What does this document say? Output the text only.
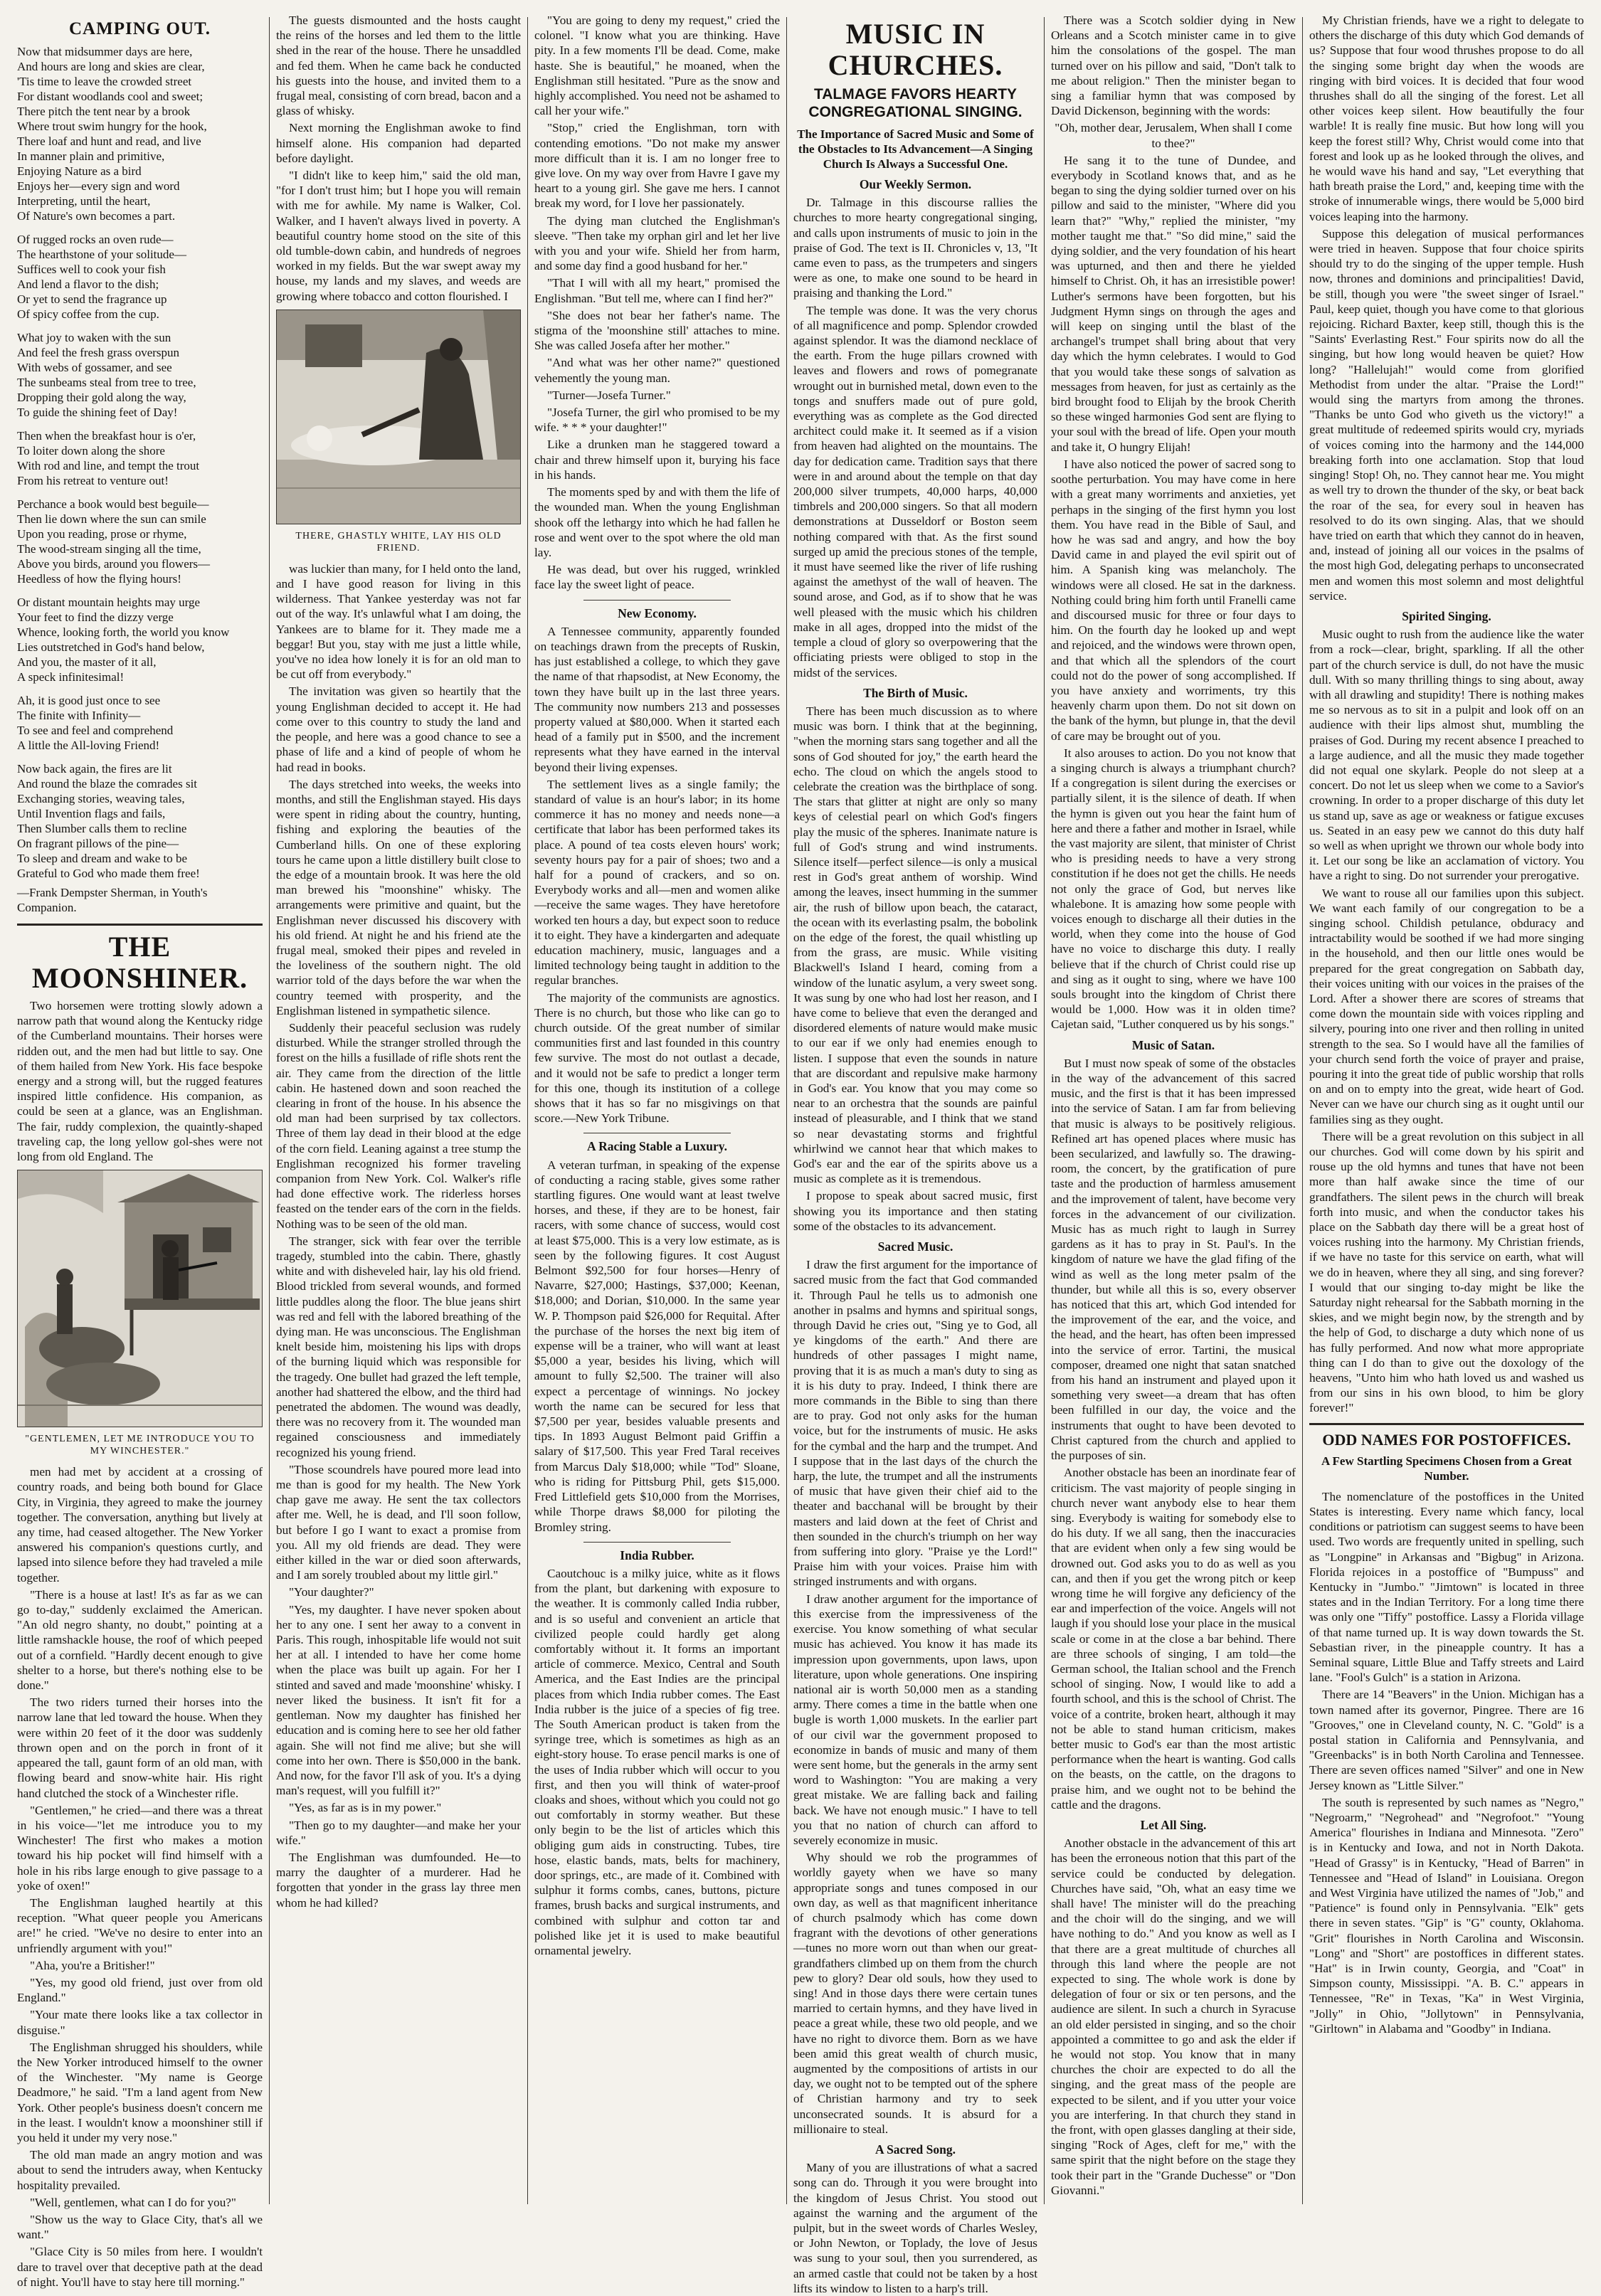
CAMPING OUT.

Now that midsummer days are here,
And hours are long and skies are clear,
'Tis time to leave the crowded street
For distant woodlands cool and sweet;
There pitch the tent near by a brook
Where trout swim hungry for the hook,
There loaf and hunt and read, and live
In manner plain and primitive,
Enjoying Nature as a bird
Enjoys her—every sign and word
Interpreting, until the heart,
Of Nature's own becomes a part.

Of rugged rocks an oven rude—
The hearthstone of your solitude—
Suffices well to cook your fish
And lend a flavor to the dish;
Or yet to send the fragrance up
Of spicy coffee from the cup.

What joy to waken with the sun
And feel the fresh grass overspun
With webs of gossamer, and see
The sunbeams steal from tree to tree,
Dropping their gold along the way,
To guide the shining feet of Day!

Then when the breakfast hour is o'er,
To loiter down along the shore
With rod and line, and tempt the trout
From his retreat to venture out!

Perchance a book would best beguile—
Then lie down where the sun can smile
Upon you reading, prose or rhyme,
The wood-stream singing all the time,
Above you birds, around you flowers—
Heedless of how the flying hours!

Or distant mountain heights may urge
Your feet to find the dizzy verge
Whence, looking forth, the world you know
Lies outstretched in God's hand below,
And you, the master of it all,
A speck infinitesimal!

Ah, it is good just once to see
The finite with Infinity—
To see and feel and comprehend
A little the All-loving Friend!

Now back again, the fires are lit
And round the blaze the comrades sit
Exchanging stories, weaving tales,
Until Invention flags and fails,
Then Slumber calls them to recline
On fragrant pillows of the pine—
To sleep and dream and wake to be
Grateful to God who made them free!

—Frank Dempster Sherman, in Youth's Companion.

THE MOONSHINER.

Two horsemen were trotting slowly adown a narrow path that wound along the Kentucky ridge of the Cumberland mountains. Their horses were ridden out, and the men had but little to say. One of them hailed from New York. His face bespoke energy and a strong will, but the rugged features inspired little confidence. His companion, as could be seen at a glance, was an Englishman. The fair, ruddy complexion, the quaintly-shaped traveling cap, the long yellow gol-shes were not long from old England. The

"GENTLEMEN, LET ME INTRODUCE YOU TO MY WINCHESTER."

men had met by accident at a crossing of country roads, and being both bound for Glace City, in Virginia, they agreed to make the journey together. The conversation, anything but lively at any time, had ceased altogether. The New Yorker answered his companion's questions curtly, and lapsed into silence before they had traveled a mile together.

"There is a house at last! It's as far as we can go to-day," suddenly exclaimed the American. "An old negro shanty, no doubt," pointing at a little ramshackle house, the roof of which peeped out of a cornfield. "Hardly decent enough to give shelter to a horse, but there's nothing else to be done."

The two riders turned their horses into the narrow lane that led toward the house. When they were within 20 feet of it the door was suddenly thrown open and on the porch in front of it appeared the tall, gaunt form of an old man, with flowing beard and snow-white hair. His right hand clutched the stock of a Winchester rifle.

"Gentlemen," he cried—and there was a threat in his voice—"let me introduce you to my Winchester! The first who makes a motion toward his hip pocket will find himself with a hole in his ribs large enough to give passage to a yoke of oxen!"

The Englishman laughed heartily at this reception. "What queer people you Americans are!" he cried. "We've no desire to enter into an unfriendly argument with you!"

"Aha, you're a Britisher!"

"Yes, my good old friend, just over from old England."

"Your mate there looks like a tax collector in disguise."

The Englishman shrugged his shoulders, while the New Yorker introduced himself to the owner of the Winchester. "My name is George Deadmore," he said. "I'm a land agent from New York. Other people's business doesn't concern me in the least. I wouldn't know a moonshiner still if you held it under my very nose."

The old man made an angry motion and was about to send the intruders away, when Kentucky hospitality prevailed.

"Well, gentlemen, what can I do for you?"

"Show us the way to Glace City, that's all we want."

"Glace City is 50 miles from here. I wouldn't dare to travel over that deceptive path at the dead of night. You'll have to stay here till morning."

The guests dismounted and the hosts caught the reins of the horses and led them to the little shed in the rear of the house. There he unsaddled and fed them. When he came back he conducted his guests into the house, and invited them to a frugal meal, consisting of corn bread, bacon and a glass of whisky.

Next morning the Englishman awoke to find himself alone. His companion had departed before daylight.

"I didn't like to keep him," said the old man, "for I don't trust him; but I hope you will remain with me for awhile. My name is Walker, Col. Walker, and I haven't always lived in poverty. A beautiful country home stood on the site of this old tumble-down cabin, and hundreds of negroes worked in my fields. But the war swept away my house, my lands and my slaves, and weeds are growing where tobacco and cotton flourished. I

THERE, GHASTLY WHITE, LAY HIS OLD FRIEND.

was luckier than many, for I held onto the land, and I have good reason for living in this wilderness. That Yankee yesterday was not far out of the way. It's unlawful what I am doing, the Yankees are to blame for it. They made me a beggar! But you, stay with me just a little while, you've no idea how lonely it is for an old man to be cut off from everybody."

The invitation was given so heartily that the young Englishman decided to accept it. He had come over to this country to study the land and the people, and here was a good chance to see a phase of life and a kind of people of whom he had read in books.

The days stretched into weeks, the weeks into months, and still the Englishman stayed. His days were spent in riding about the country, hunting, fishing and exploring the beauties of the Cumberland hills. On one of these exploring tours he came upon a little distillery built close to the edge of a mountain brook. It was here the old man brewed his "moonshine" whisky. The arrangements were primitive and quaint, but the Englishman never discussed his discovery with his old friend. At night he and his friend ate the frugal meal, smoked their pipes and reveled in the loveliness of the southern night. The old warrior told of the days before the war when the country teemed with prosperity, and the Englishman listened in sympathetic silence.

Suddenly their peaceful seclusion was rudely disturbed. While the stranger strolled through the forest on the hills a fusillade of rifle shots rent the air. They came from the direction of the little cabin. He hastened down and soon reached the clearing in front of the house. In his absence the old man had been surprised by tax collectors. Three of them lay dead in their blood at the edge of the corn field. Leaning against a tree stump the Englishman recognized his former traveling companion from New York. Col. Walker's rifle had done effective work. The riderless horses feasted on the tender ears of the corn in the fields. Nothing was to be seen of the old man.

The stranger, sick with fear over the terrible tragedy, stumbled into the cabin. There, ghastly white and with disheveled hair, lay his old friend. Blood trickled from several wounds, and formed little puddles along the floor. The blue jeans shirt was red and fell with the labored breathing of the dying man. He was unconscious. The Englishman knelt beside him, moistening his lips with drops of the burning liquid which was responsible for the tragedy. One bullet had grazed the left temple, another had shattered the elbow, and the third had penetrated the abdomen. The wound was deadly, there was no recovery from it. The wounded man regained consciousness and immediately recognized his young friend.

"Those scoundrels have poured more lead into me than is good for my health. The New York chap gave me away. He sent the tax collectors after me. Well, he is dead, and I'll soon follow, but before I go I want to exact a promise from you. All my old friends are dead. They were either killed in the war or died soon afterwards, and I am sorely troubled about my little girl."

"Your daughter?"

"Yes, my daughter. I have never spoken about her to any one. I sent her away to a convent in Paris. This rough, inhospitable life would not suit her at all. I intended to have her come home when the place was built up again. For her I stinted and saved and made 'moonshine' whisky. I never liked the business. It isn't fit for a gentleman. Now my daughter has finished her education and is coming here to see her old father again. She will not find me alive; but she will come into her own. There is $50,000 in the bank. And now, for the favor I'll ask of you. It's a dying man's request, will you fulfill it?"

"Yes, as far as is in my power."

"Then go to my daughter—and make her your wife."

The Englishman was dumfounded. He—to marry the daughter of a murderer. Had he forgotten that yonder in the grass lay three men whom he had killed?

"You are going to deny my request," cried the colonel. "I know what you are thinking. Have pity. In a few moments I'll be dead. Come, make haste. She is beautiful," he moaned, when the Englishman still hesitated. "Pure as the snow and highly accomplished. You need not be ashamed to call her your wife."

"Stop," cried the Englishman, torn with contending emotions. "Do not make my answer more difficult than it is. I am no longer free to give love. On my way over from Havre I gave my heart to a young girl. She gave me hers. I cannot break my word, for I love her passionately.

The dying man clutched the Englishman's sleeve. "Then take my orphan girl and let her live with you and your wife. Shield her from harm, and some day find a good husband for her."

"That I will with all my heart," promised the Englishman. "But tell me, where can I find her?"

"She does not bear her father's name. The stigma of the 'moonshine still' attaches to mine. She was called Josefa after her mother."

"And what was her other name?" questioned vehemently the young man.

"Turner—Josefa Turner."

"Josefa Turner, the girl who promised to be my wife. * * * your daughter!"

Like a drunken man he staggered toward a chair and threw himself upon it, burying his face in his hands.

The moments sped by and with them the life of the wounded man. When the young Englishman shook off the lethargy into which he had fallen he rose and went over to the spot where the old man lay.

He was dead, but over his rugged, wrinkled face lay the sweet light of peace.

New Economy.

A Tennessee community, apparently founded on teachings drawn from the precepts of Ruskin, has just established a college, to which they gave the name of that rhapsodist, at New Economy, the town they have built up in the last three years. The community now numbers 213 and possesses property valued at $80,000. When it started each head of a family put in $500, and the increment represents what they have earned in the interval beyond their living expenses.

The settlement lives as a single family; the standard of value is an hour's labor; in its home commerce it has no money and needs none—a certificate that labor has been performed takes its place. A pound of tea costs eleven hours' work; seventy hours pay for a pair of shoes; two and a half for a pound of crackers, and so on. Everybody works and all—men and women alike—receive the same wages. They have heretofore worked ten hours a day, but expect soon to reduce it to eight. They have a kindergarten and adequate education machinery, music, languages and a limited technology being taught in addition to the regular branches.

The majority of the communists are agnostics. There is no church, but those who like can go to church outside. Of the great number of similar communities first and last founded in this country few survive. The most do not outlast a decade, and it would not be safe to predict a longer term for this one, though its institution of a college shows that it has so far no misgivings on that score.—New York Tribune.

A Racing Stable a Luxury.

A veteran turfman, in speaking of the expense of conducting a racing stable, gives some rather startling figures. One would want at least twelve horses, and these, if they are to be honest, fair racers, with some chance of success, would cost at least $75,000. This is a very low estimate, as is seen by the following figures. It cost August Belmont $92,500 for four horses—Henry of Navarre, $27,000; Hastings, $37,000; Keenan, $18,000; and Dorian, $10,000. In the same year W. P. Thompson paid $26,000 for Requital. After the purchase of the horses the next big item of expense will be a trainer, who will want at least $5,000 a year, besides his living, which will amount to fully $2,500. The trainer will also expect a percentage of winnings. No jockey worth the name can be secured for less that $7,500 per year, besides valuable presents and tips. In 1893 August Belmont paid Griffin a salary of $17,500. This year Fred Taral receives from Marcus Daly $18,000; while "Tod" Sloane, who is riding for Pittsburg Phil, gets $15,000. Fred Littlefield gets $10,000 from the Morrises, while Thorpe draws $8,000 for piloting the Bromley string.

India Rubber.

Caoutchouc is a milky juice, white as it flows from the plant, but darkening with exposure to the weather. It is commonly called India rubber, and is so useful and convenient an article that civilized people could hardly get along comfortably without it. It forms an important article of commerce. Mexico, Central and South America, and the East Indies are the principal places from which India rubber comes. The East India rubber is the juice of a species of fig tree. The South American product is taken from the syringe tree, which is sometimes as high as an eight-story house. To erase pencil marks is one of the uses of India rubber which will occur to you first, and then you will think of water-proof cloaks and shoes, without which you could not go out comfortably in stormy weather. But these only begin to be the list of articles which this obliging gum aids in constructing. Tubes, tire hose, elastic bands, mats, belts for machinery, door springs, etc., are made of it. Combined with sulphur it forms combs, canes, buttons, picture frames, brush backs and surgical instruments, and combined with sulphur and cotton tar and polished like jet it is used to make beautiful ornamental jewelry.

MUSIC IN CHURCHES.
TALMAGE FAVORS HEARTY CONGREGATIONAL SINGING.
The Importance of Sacred Music and Some of the Obstacles to Its Advancement—A Singing Church Is Always a Successful One.
Our Weekly Sermon.

Dr. Talmage in this discourse rallies the churches to more hearty congregational singing, and calls upon instruments of music to join in the praise of God. The text is II. Chronicles v, 13, "It came even to pass, as the trumpeters and singers were as one, to make one sound to be heard in praising and thanking the Lord."

The temple was done. It was the very chorus of all magnificence and pomp. Splendor crowded against splendor. It was the diamond necklace of the earth. From the huge pillars crowned with leaves and flowers and rows of pomegranate wrought out in burnished metal, down even to the tongs and snuffers made out of pure gold, everything was as complete as the God directed architect could make it. It seemed as if a vision from heaven had alighted on the mountains. The day for dedication came. Tradition says that there were in and around about the temple on that day 200,000 silver trumpets, 40,000 harps, 40,000 timbrels and 200,000 singers. So that all modern demonstrations at Dusseldorf or Boston seem nothing compared with that. As the first sound surged up amid the precious stones of the temple, it must have seemed like the river of life rushing against the amethyst of the wall of heaven. The sound arose, and God, as if to show that he was well pleased with the music which his children make in all ages, dropped into the midst of the temple a cloud of glory so overpowering that the officiating priests were obliged to stop in the midst of the services.

The Birth of Music.

There has been much discussion as to where music was born. I think that at the beginning, "when the morning stars sang together and all the sons of God shouted for joy," the earth heard the echo. The cloud on which the angels stood to celebrate the creation was the birthplace of song. The stars that glitter at night are only so many keys of celestial pearl on which God's fingers play the music of the spheres. Inanimate nature is full of God's strung and wind instruments. Silence itself—perfect silence—is only a musical rest in God's great anthem of worship. Wind among the leaves, insect humming in the summer air, the rush of billow upon beach, the cataract, the ocean with its everlasting psalm, the bobolink on the edge of the forest, the quail whistling up from the grass, are music. While visiting Blackwell's Island I heard, coming from a window of the lunatic asylum, a very sweet song. It was sung by one who had lost her reason, and I have come to believe that even the deranged and disordered elements of nature would make music to our ear if we only had enemies enough to listen. I suppose that even the sounds in nature that are discordant and repulsive make harmony in God's ear. You know that you may come so near to an orchestra that the sounds are painful instead of pleasurable, and I think that we stand so near devastating storms and frightful whirlwind we cannot hear that which makes to God's ear and the ear of the spirits above us a music as complete as it is tremendous.

I propose to speak about sacred music, first showing you its importance and then stating some of the obstacles to its advancement.

Sacred Music.

I draw the first argument for the importance of sacred music from the fact that God commanded it. Through Paul he tells us to admonish one another in psalms and hymns and spiritual songs, through David he cries out, "Sing ye to God, all ye kingdoms of the earth." And there are hundreds of other passages I might name, proving that it is as much a man's duty to sing as it is his duty to pray. Indeed, I think there are more commands in the Bible to sing than there are to pray. God not only asks for the human voice, but for the instruments of music. He asks for the cymbal and the harp and the trumpet. And I suppose that in the last days of the church the harp, the lute, the trumpet and all the instruments of music that have given their chief aid to the theater and bacchanal will be brought by their masters and laid down at the feet of Christ and then sounded in the church's triumph on her way from suffering into glory. "Praise ye the Lord!" Praise him with your voices. Praise him with stringed instruments and with organs.

I draw another argument for the importance of this exercise from the impressiveness of the exercise. You know something of what secular music has achieved. You know it has made its impression upon governments, upon laws, upon literature, upon whole generations. One inspiring national air is worth 50,000 men as a standing army. There comes a time in the battle when one bugle is worth 1,000 muskets. In the earlier part of our civil war the government proposed to economize in bands of music and many of them were sent home, but the generals in the army sent word to Washington: "You are making a very great mistake. We are falling back and failing back. We have not enough music." I have to tell you that no nation of church can afford to severely economize in music.

Why should we rob the programmes of worldly gayety when we have so many appropriate songs and tunes composed in our own day, as well as that magnificent inheritance of church psalmody which has come down fragrant with the devotions of other generations—tunes no more worn out than when our great-grandfathers climbed up on them from the church pew to glory? Dear old souls, how they used to sing! And in those days there were certain tunes married to certain hymns, and they have lived in peace a great while, these two old people, and we have no right to divorce them. Born as we have been amid this great wealth of church music, augmented by the compositions of artists in our day, we ought not to be tempted out of the sphere of Christian harmony and try to seek unconsecrated sounds. It is absurd for a millionaire to steal.

A Sacred Song.

Many of you are illustrations of what a sacred song can do. Through it you were brought into the kingdom of Jesus Christ. You stood out against the warning and the argument of the pulpit, but in the sweet words of Charles Wesley, or John Newton, or Toplady, the love of Jesus was sung to your soul, then you surrendered, as an armed castle that could not be taken by a host lifts its window to listen to a harp's trill.

There was a Scotch soldier dying in New Orleans and a Scotch minister came in to give him the consolations of the gospel. The man turned over on his pillow and said, "Don't talk to me about religion." Then the minister began to sing a familiar hymn that was composed by David Dickenson, beginning with the words:

"Oh, mother dear, Jerusalem, When shall I come to thee?"

He sang it to the tune of Dundee, and everybody in Scotland knows that, and as he began to sing the dying soldier turned over on his pillow and said to the minister, "Where did you learn that?" "Why," replied the minister, "my mother taught me that." "So did mine," said the dying soldier, and the very foundation of his heart was upturned, and then and there he yielded himself to Christ. Oh, it has an irresistible power! Luther's sermons have been forgotten, but his Judgment Hymn sings on through the ages and will keep on singing until the blast of the archangel's trumpet shall bring about that very day which the hymn celebrates. I would to God that you would take these songs of salvation as messages from heaven, for just as certainly as the bird brought food to Elijah by the brook Cherith so these winged harmonies God sent are flying to your soul with the bread of life. Open your mouth and take it, O hungry Elijah!

I have also noticed the power of sacred song to soothe perturbation. You may have come in here with a great many worriments and anxieties, yet perhaps in the singing of the first hymn you lost them. You have read in the Bible of Saul, and how he was sad and angry, and how the boy David came in and played the evil spirit out of him. A Spanish king was melancholy. The windows were all closed. He sat in the darkness. Nothing could bring him forth until Franelli came and discoursed music for three or four days to him. On the fourth day he looked up and wept and rejoiced, and the windows were thrown open, and that which all the splendors of the court could not do the power of song accomplished. If you have anxiety and worriments, try this heavenly charm upon them. Do not sit down on the bank of the hymn, but plunge in, that the devil of care may be brought out of you.

It also arouses to action. Do you not know that a singing church is always a triumphant church? If a congregation is silent during the exercises or partially silent, it is the silence of death. If when the hymn is given out you hear the faint hum of here and there a father and mother in Israel, while the vast majority are silent, that minister of Christ who is presiding needs to have a very strong constitution if he does not get the chills. He needs not only the grace of God, but nerves like whalebone. It is amazing how some people with voices enough to discharge all their duties in the world, when they come into the house of God have no voice to discharge this duty. I really believe that if the church of Christ could rise up and sing as it ought to sing, where we have 100 souls brought into the kingdom of Christ there would be 1,000. How was it in olden time? Cajetan said, "Luther conquered us by his songs."

Music of Satan.

But I must now speak of some of the obstacles in the way of the advancement of this sacred music, and the first is that it has been impressed into the service of Satan. I am far from believing that music is always to be positively religious. Refined art has opened places where music has been secularized, and lawfully so. The drawing-room, the concert, by the gratification of pure taste and the production of harmless amusement and the improvement of talent, have become very forces in the advancement of our civilization. Music has as much right to laugh in Surrey gardens as it has to pray in St. Paul's. In the kingdom of nature we have the glad fifing of the wind as well as the long meter psalm of the thunder, but while all this is so, every observer has noticed that this art, which God intended for the improvement of the ear, and the voice, and the head, and the heart, has often been impressed into the service of error. Tartini, the musical composer, dreamed one night that satan snatched from his hand an instrument and played upon it something very sweet—a dream that has often been fulfilled in our day, the voice and the instruments that ought to have been devoted to Christ captured from the church and applied to the purposes of sin.

Another obstacle has been an inordinate fear of criticism. The vast majority of people singing in church never want anybody else to hear them sing. Everybody is waiting for somebody else to do his duty. If we all sang, then the inaccuracies that are evident when only a few sing would be drowned out. God asks you to do as well as you can, and then if you get the wrong pitch or keep wrong time he will forgive any deficiency of the ear and imperfection of the voice. Angels will not laugh if you should lose your place in the musical scale or come in at the close a bar behind. There are three schools of singing, I am told—the German school, the Italian school and the French school of singing. Now, I would like to add a fourth school, and this is the school of Christ. The voice of a contrite, broken heart, although it may not be able to stand human criticism, makes better music to God's ear than the most artistic performance when the heart is wanting. God calls on the beasts, on the cattle, on the dragons to praise him, and we ought not to be behind the cattle and the dragons.

Let All Sing.

Another obstacle in the advancement of this art has been the erroneous notion that this part of the service could be conducted by delegation. Churches have said, "Oh, what an easy time we shall have! The minister will do the preaching and the choir will do the singing, and we will have nothing to do." And you know as well as I that there are a great multitude of churches all through this land where the people are not expected to sing. The whole work is done by delegation of four or six or ten persons, and the audience are silent. In such a church in Syracuse an old elder persisted in singing, and so the choir appointed a committee to go and ask the elder if he would not stop. You know that in many churches the choir are expected to do all the singing, and the great mass of the people are expected to be silent, and if you utter your voice you are interfering. In that church they stand in the front, with open glasses dangling at their side, singing "Rock of Ages, cleft for me," with the same spirit that the night before on the stage they took their part in the "Grande Duchesse" or "Don Giovanni."

My Christian friends, have we a right to delegate to others the discharge of this duty which God demands of us? Suppose that four wood thrushes propose to do all the singing some bright day when the woods are ringing with bird voices. It is decided that four wood thrushes shall do all the singing of the forest. Let all other voices keep silent. How beautifully the four warble! It is really fine music. But how long will you keep the forest still? Why, Christ would come into that forest and look up as he looked through the olives, and he would wave his hand and say, "Let everything that hath breath praise the Lord," and, keeping time with the stroke of innumerable wings, there would be 5,000 bird voices leaping into the harmony.

Suppose this delegation of musical performances were tried in heaven. Suppose that four choice spirits should try to do the singing of the upper temple. Hush now, thrones and dominions and principalities! David, be still, though you were "the sweet singer of Israel." Paul, keep quiet, though you have come to that glorious rejoicing. Richard Baxter, keep still, though this is the "Saints' Everlasting Rest." Four spirits now do all the singing, but how long would heaven be quiet? How long? "Hallelujah!" would come from glorified Methodist from under the altar. "Praise the Lord!" would sing the martyrs from among the thrones. "Thanks be unto God who giveth us the victory!" a great multitude of redeemed spirits would cry, myriads of voices coming into the harmony and the 144,000 breaking forth into one acclamation. Stop that loud singing! Stop! Oh, no. They cannot hear me. You might as well try to drown the thunder of the sky, or beat back the roar of the sea, for every soul in heaven has resolved to do its own singing. Alas, that we should have tried on earth that which they cannot do in heaven, and, instead of joining all our voices in the psalms of the most high God, delegating perhaps to unconsecrated men and women this most solemn and most delightful service.

Spirited Singing.

Music ought to rush from the audience like the water from a rock—clear, bright, sparkling. If all the other part of the church service is dull, do not have the music dull. With so many thrilling things to sing about, away with all drawling and stupidity! There is nothing makes me so nervous as to sit in a pulpit and look off on an audience with their lips almost shut, mumbling the praises of God. During my recent absence I preached to a large audience, and all the music they made together did not equal one skylark. People do not sleep at a concert. Do not let us sleep when we come to a Savior's crowning. In order to a proper discharge of this duty let us stand up, save as age or weakness or fatigue excuses us. Seated in an easy pew we cannot do this duty half so well as when upright we thrown our whole body into it. Let our song be like an acclamation of victory. You have a right to sing. Do not surrender your prerogative.

We want to rouse all our families upon this subject. We want each family of our congregation to be a singing school. Childish petulance, obduracy and intractability would be soothed if we had more singing in the household, and then our little ones would be prepared for the great congregation on Sabbath day, their voices uniting with our voices in the praises of the Lord. After a shower there are scores of streams that come down the mountain side with voices rippling and silvery, pouring into one river and then rolling in united strength to the sea. So I would have all the families of your church send forth the voice of prayer and praise, pouring it into the great tide of public worship that rolls on and on to empty into the great, wide heart of God. Never can we have our church sing as it ought until our families sing as they ought.

There will be a great revolution on this subject in all our churches. God will come down by his spirit and rouse up the old hymns and tunes that have not been more than half awake since the time of our grandfathers. The silent pews in the church will break forth into music, and when the conductor takes his place on the Sabbath day there will be a great host of voices rushing into the harmony. My Christian friends, if we have no taste for this service on earth, what will we do in heaven, where they all sing, and sing forever? I would that our singing to-day might be like the Saturday night rehearsal for the Sabbath morning in the skies, and we might begin now, by the strength and by the help of God, to discharge a duty which none of us has fully performed. And now what more appropriate thing can I do than to give out the doxology of the heavens, "Unto him who hath loved us and washed us from our sins in his own blood, to him be glory forever!"

ODD NAMES FOR POSTOFFICES.
A Few Startling Specimens Chosen from a Great Number.

The nomenclature of the postoffices in the United States is interesting. Every name which fancy, local conditions or patriotism can suggest seems to have been used. Two words are frequently united in spelling, such as "Longpine" in Arkansas and "Bigbug" in Arizona. Florida rejoices in a postoffice of "Bumpuss" and Kentucky in "Jumbo." "Jimtown" is located in three states and in the Indian Territory. For a long time there was only one "Tiffy" postoffice. Lassy a Florida village of that name turned up. It is way down towards the St. Sebastian river, in the pineapple country. It has a Seminal square, Little Blue and Taffy streets and Laird lane. "Fool's Gulch" is a station in Arizona.

There are 14 "Beavers" in the Union. Michigan has a town named after its governor, Pingree. There are 16 "Grooves," one in Cleveland county, N. C. "Gold" is a postal station in California and Pennsylvania, and "Greenbacks" is in both North Carolina and Tennessee. There are seven offices named "Silver" and one in New Jersey known as "Little Silver."

The south is represented by such names as "Negro," "Negroarm," "Negrohead" and "Negrofoot." "Young America" flourishes in Indiana and Minnesota. "Zero" is in Kentucky and Iowa, and not in North Dakota. "Head of Grassy" is in Kentucky, "Head of Barren" in Tennessee and "Head of Island" in Louisiana. Oregon and West Virginia have utilized the names of "Job," and "Patience" is found only in Pennsylvania. "Elk" gets there in seven states. "Gip" is "G" county, Oklahoma. "Grit" flourishes in North Carolina and Wisconsin. "Long" and "Short" are postoffices in different states. "Hat" is in Irwin county, Georgia, and "Coat" in Simpson county, Mississippi. "A. B. C." appears in Tennessee, "Re" in Texas, "Ka" in West Virginia, "Jolly" in Ohio, "Jollytown" in Pennsylvania, "Girltown" in Alabama and "Goodby" in Indiana.
